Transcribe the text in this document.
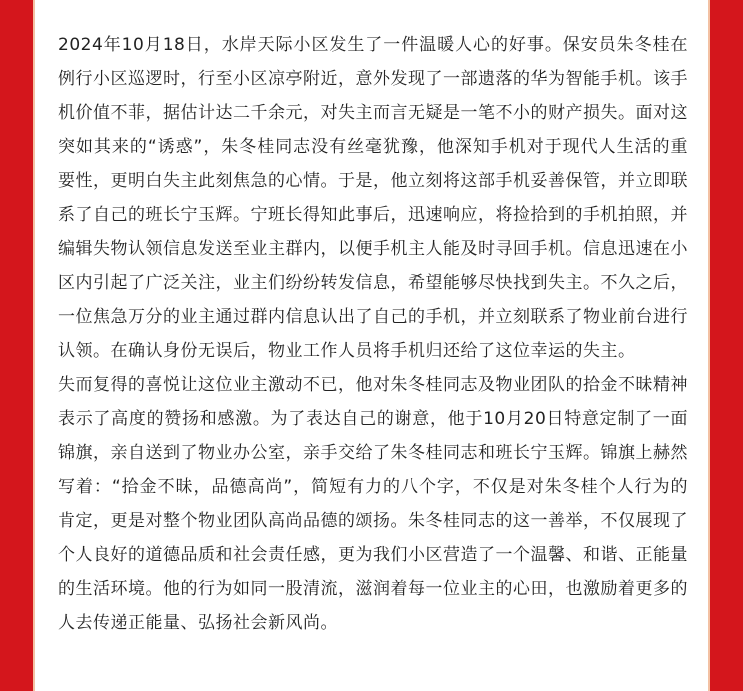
2024年10月18日，水岸天际小区发生了一件温暖人心的好事。保安员朱冬桂在例行小区巡逻时，行至小区凉亭附近，意外发现了一部遗落的华为智能手机。该手机价值不菲，据估计达二千余元，对失主而言无疑是一笔不小的财产损失。面对这突如其来的“诱惑”，朱冬桂同志没有丝毫犹豫，他深知手机对于现代人生活的重要性，更明白失主此刻焦急的心情。于是，他立刻将这部手机妥善保管，并立即联系了自己的班长宁玉辉。宁班长得知此事后，迅速响应，将捡拾到的手机拍照，并编辑失物认领信息发送至业主群内，以便手机主人能及时寻回手机。信息迅速在小区内引起了广泛关注，业主们纷纷转发信息，希望能够尽快找到失主。不久之后，一位焦急万分的业主通过群内信息认出了自己的手机，并立刻联系了物业前台进行认领。在确认身份无误后，物业工作人员将手机归还给了这位幸运的失主。

失而复得的喜悦让这位业主激动不已，他对朱冬桂同志及物业团队的拾金不昧精神表示了高度的赞扬和感激。为了表达自己的谢意，他于10月20日特意定制了一面锦旗，亲自送到了物业办公室，亲手交给了朱冬桂同志和班长宁玉辉。锦旗上赫然写着：“拾金不昧，品德高尚”，简短有力的八个字，不仅是对朱冬桂个人行为的肯定，更是对整个物业团队高尚品德的颂扬。朱冬桂同志的这一善举，不仅展现了个人良好的道德品质和社会责任感，更为我们小区营造了一个温馨、和谐、正能量的生活环境。他的行为如同一股清流，滋润着每一位业主的心田，也激励着更多的人去传递正能量、弘扬社会新风尚。
